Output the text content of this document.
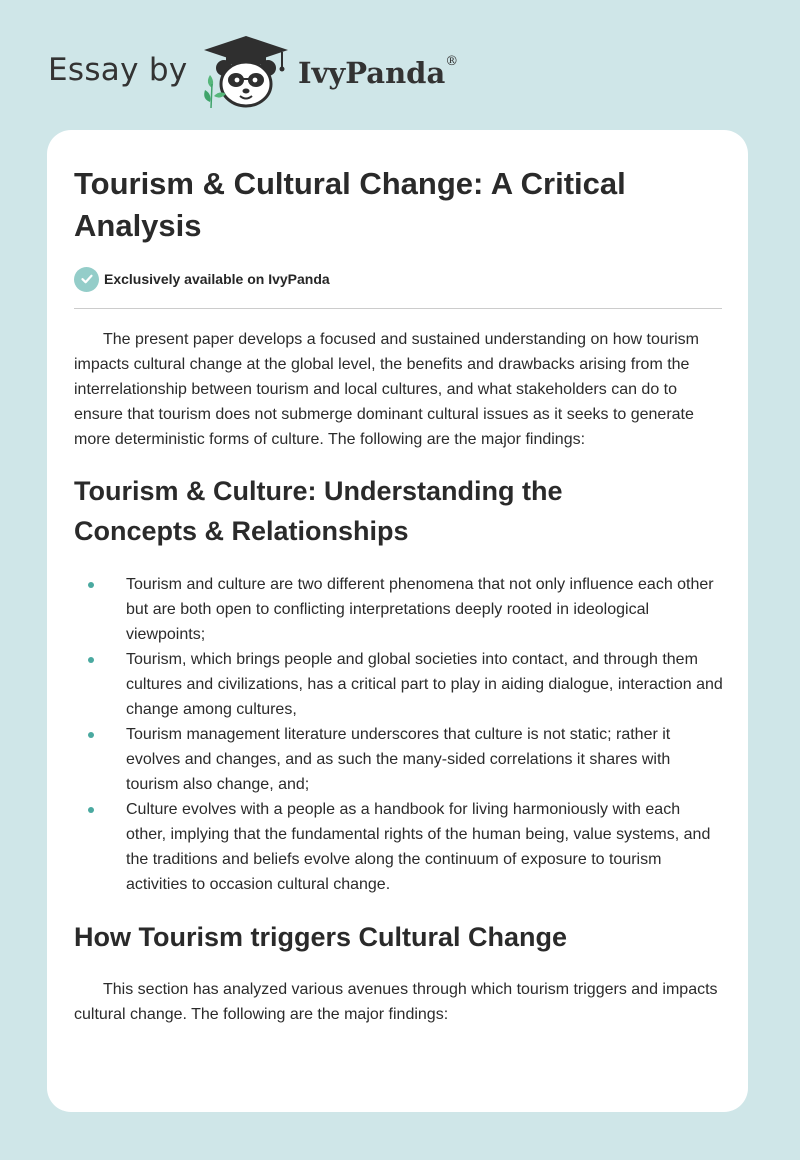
Essay by	IvyPanda®
Tourism & Cultural Change: A Critical Analysis
Exclusively available on IvyPanda

The present paper develops a focused and sustained understanding on how tourism impacts cultural change at the global level, the benefits and drawbacks arising from the interrelationship between tourism and local cultures, and what stakeholders can do to ensure that tourism does not submerge dominant cultural issues as it seeks to generate more deterministic forms of culture. The following are the major findings:

Tourism & Culture: Understanding the Concepts & Relationships
Tourism and culture are two different phenomena that not only influence each other but are both open to conflicting interpretations deeply rooted in ideological viewpoints;
Tourism, which brings people and global societies into contact, and through them cultures and civilizations, has a critical part to play in aiding dialogue, interaction and change among cultures,
Tourism management literature underscores that culture is not static; rather it evolves and changes, and as such the many-sided correlations it shares with tourism also change, and;
Culture evolves with a people as a handbook for living harmoniously with each other, implying that the fundamental rights of the human being, value systems, and the traditions and beliefs evolve along the continuum of exposure to tourism activities to occasion cultural change.
How Tourism triggers Cultural Change

This section has analyzed various avenues through which tourism triggers and impacts cultural change. The following are the major findings:
